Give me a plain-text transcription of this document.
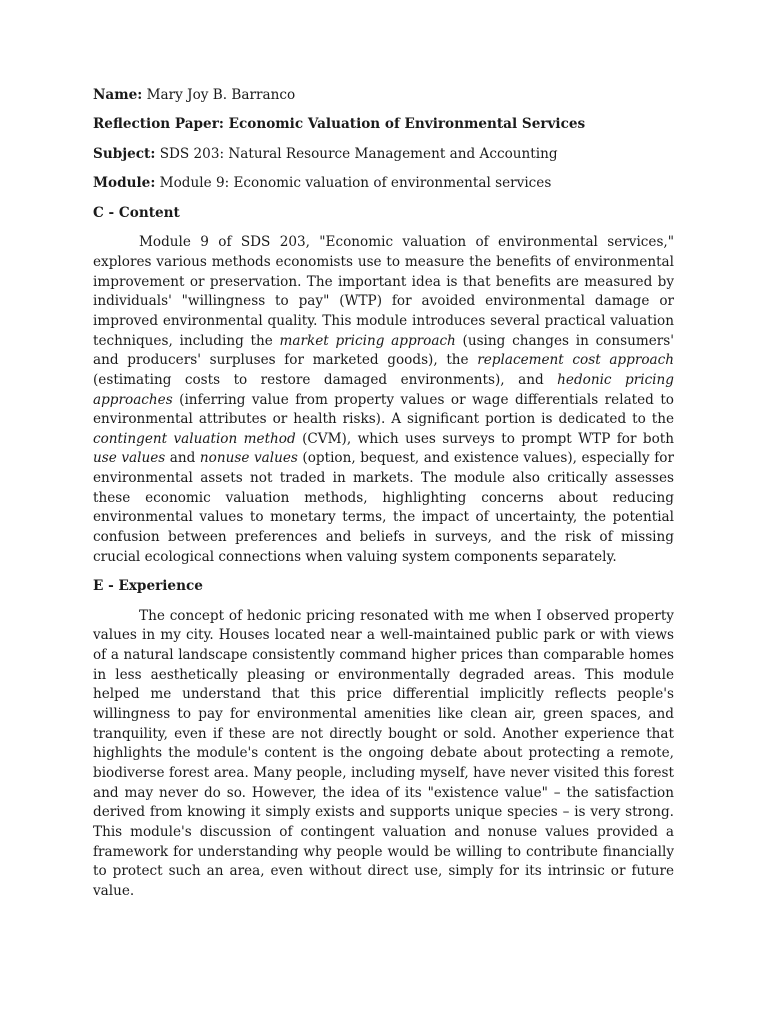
Name: Mary Joy B. Barranco

Reflection Paper: Economic Valuation of Environmental Services

Subject: SDS 203: Natural Resource Management and Accounting

Module: Module 9: Economic valuation of environmental services

C - Content

Module 9 of SDS 203, "Economic valuation of environmental services," explores various methods economists use to measure the benefits of environmental improvement or preservation. The important idea is that benefits are measured by individuals' "willingness to pay" (WTP) for avoided environmental damage or improved environmental quality. This module introduces several practical valuation techniques, including the market pricing approach (using changes in consumers' and producers' surpluses for marketed goods), the replacement cost approach (estimating costs to restore damaged environments), and hedonic pricing approaches (inferring value from property values or wage differentials related to environmental attributes or health risks). A significant portion is dedicated to the contingent valuation method (CVM), which uses surveys to prompt WTP for both use values and nonuse values (option, bequest, and existence values), especially for environmental assets not traded in markets. The module also critically assesses these economic valuation methods, highlighting concerns about reducing environmental values to monetary terms, the impact of uncertainty, the potential confusion between preferences and beliefs in surveys, and the risk of missing crucial ecological connections when valuing system components separately.

E - Experience

The concept of hedonic pricing resonated with me when I observed property values in my city. Houses located near a well-maintained public park or with views of a natural landscape consistently command higher prices than comparable homes in less aesthetically pleasing or environmentally degraded areas. This module helped me understand that this price differential implicitly reflects people's willingness to pay for environmental amenities like clean air, green spaces, and tranquility, even if these are not directly bought or sold. Another experience that highlights the module's content is the ongoing debate about protecting a remote, biodiverse forest area. Many people, including myself, have never visited this forest and may never do so. However, the idea of its "existence value" – the satisfaction derived from knowing it simply exists and supports unique species – is very strong. This module's discussion of contingent valuation and nonuse values provided a framework for understanding why people would be willing to contribute financially to protect such an area, even without direct use, simply for its intrinsic or future value.
